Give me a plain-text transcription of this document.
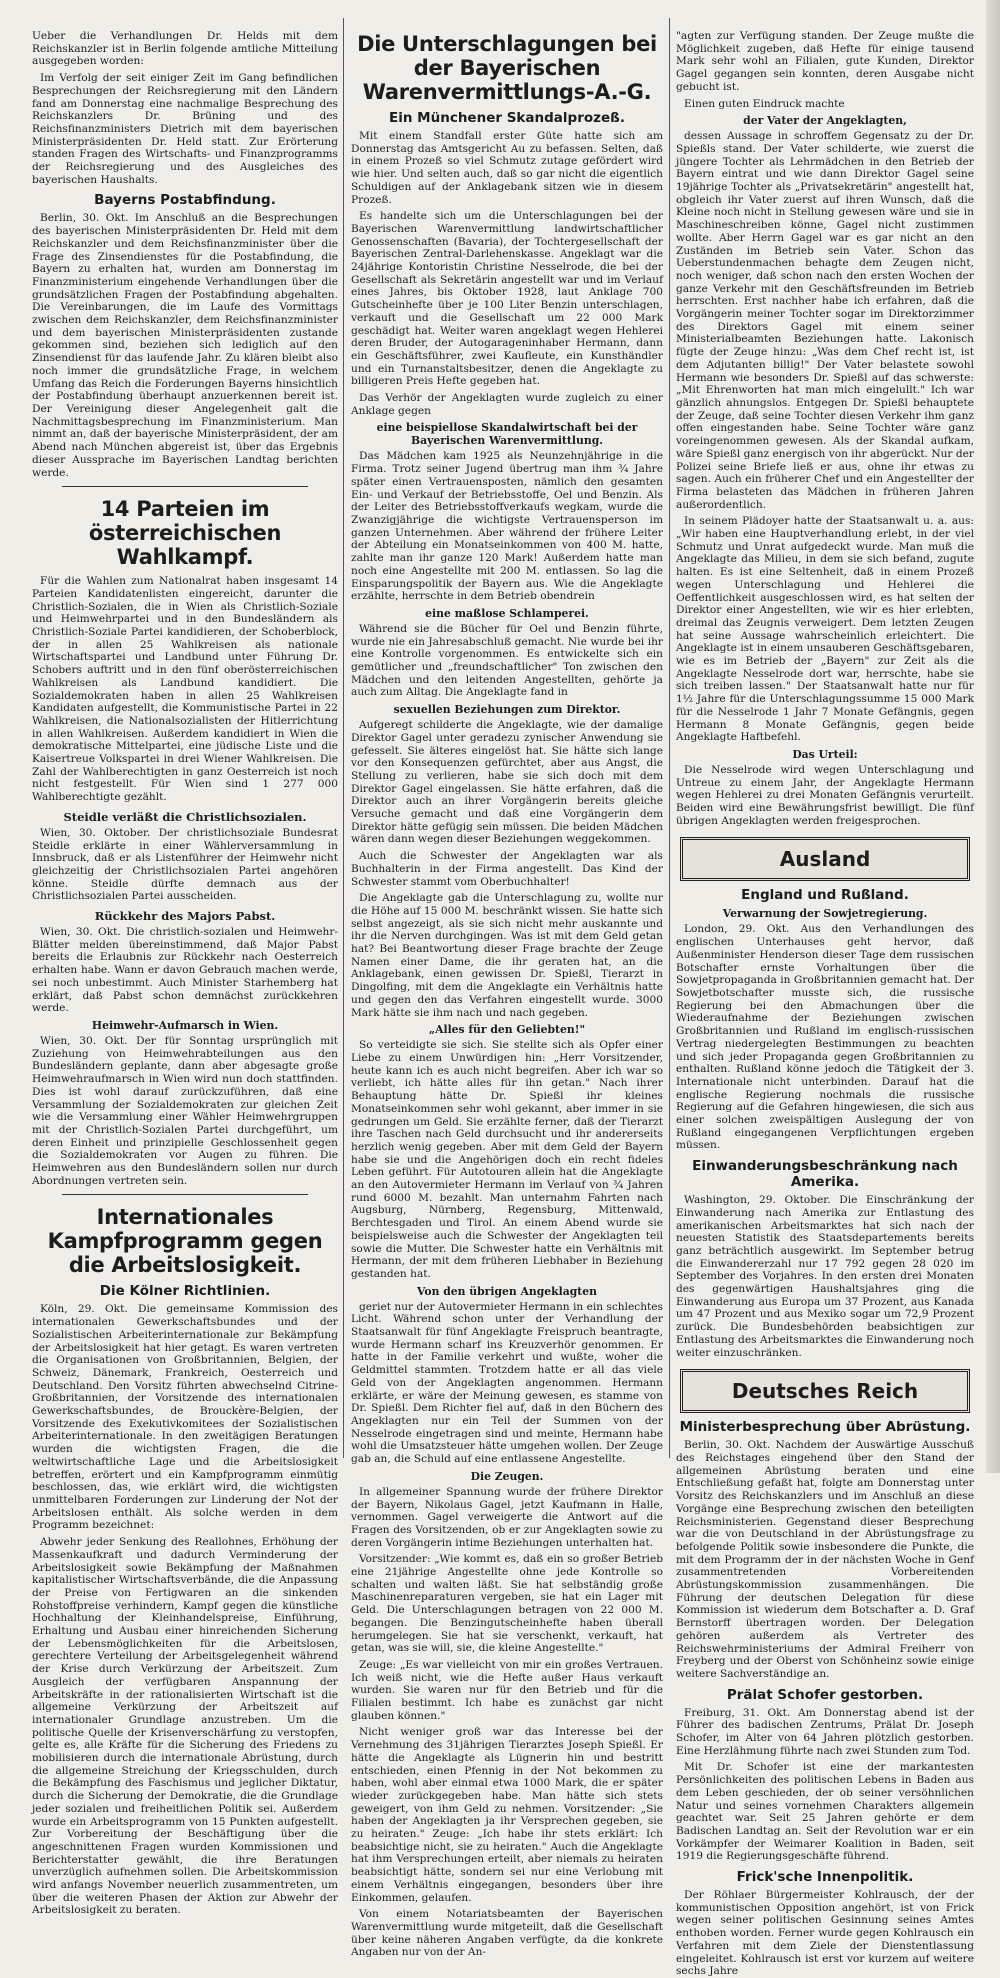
Ueber die Verhandlungen Dr. Helds mit dem Reichskanzler ist in Berlin folgende amtliche Mitteilung ausgegeben worden:

Im Verfolg der seit einiger Zeit im Gang befindlichen Besprechungen der Reichsregierung mit den Ländern fand am Donnerstag eine nachmalige Besprechung des Reichskanzlers Dr. Brüning und des Reichsfinanzministers Dietrich mit dem bayerischen Ministerpräsidenten Dr. Held statt. Zur Erörterung standen Fragen des Wirtschafts- und Finanzprogramms der Reichsregierung und des Ausgleiches des bayerischen Haushalts.

Bayerns Postabfindung.

Berlin, 30. Okt. Im Anschluß an die Besprechungen des bayerischen Ministerpräsidenten Dr. Held mit dem Reichskanzler und dem Reichsfinanzminister über die Frage des Zinsendienstes für die Postabfindung, die Bayern zu erhalten hat, wurden am Donnerstag im Finanzministerium eingehende Verhandlungen über die grundsätzlichen Fragen der Postabfindung abgehalten. Die Vereinbarungen, die im Laufe des Vormittags zwischen dem Reichskanzler, dem Reichsfinanzminister und dem bayerischen Ministerpräsidenten zustande gekommen sind, beziehen sich lediglich auf den Zinsendienst für das laufende Jahr. Zu klären bleibt also noch immer die grundsätzliche Frage, in welchem Umfang das Reich die Forderungen Bayerns hinsichtlich der Postabfindung überhaupt anzuerkennen bereit ist. Der Vereinigung dieser Angelegenheit galt die Nachmittagsbesprechung im Finanzministerium. Man nimmt an, daß der bayerische Ministerpräsident, der am Abend nach München abgereist ist, über das Ergebnis dieser Aussprache im Bayerischen Landtag berichten werde.

14 Parteien im österreichischen Wahlkampf.

Für die Wahlen zum Nationalrat haben insgesamt 14 Parteien Kandidatenlisten eingereicht, darunter die Christlich-Sozialen, die in Wien als Christlich-Soziale und Heimwehrpartei und in den Bundesländern als Christlich-Soziale Partei kandidieren, der Schoberblock, der in allen 25 Wahlkreisen als nationale Wirtschaftspartei und Landbund unter Führung Dr. Schobers auftritt und in den fünf oberösterreichischen Wahlkreisen als Landbund kandidiert. Die Sozialdemokraten haben in allen 25 Wahlkreisen Kandidaten aufgestellt, die Kommunistische Partei in 22 Wahlkreisen, die Nationalsozialisten der Hitlerrichtung in allen Wahlkreisen. Außerdem kandidiert in Wien die demokratische Mittelpartei, eine jüdische Liste und die Kaisertreue Volkspartei in drei Wiener Wahlkreisen. Die Zahl der Wahlberechtigten in ganz Oesterreich ist noch nicht festgestellt. Für Wien sind 1 277 000 Wahlberechtigte gezählt.

Steidle verläßt die Christlichsozialen.

Wien, 30. Oktober. Der christlichsoziale Bundesrat Steidle erklärte in einer Wählerversammlung in Innsbruck, daß er als Listenführer der Heimwehr nicht gleichzeitig der Christlichsozialen Partei angehören könne. Steidle dürfte demnach aus der Christlichsozialen Partei ausscheiden.

Rückkehr des Majors Pabst.

Wien, 30. Okt. Die christlich-sozialen und Heimwehr-Blätter melden übereinstimmend, daß Major Pabst bereits die Erlaubnis zur Rückkehr nach Oesterreich erhalten habe. Wann er davon Gebrauch machen werde, sei noch unbestimmt. Auch Minister Starhemberg hat erklärt, daß Pabst schon demnächst zurückkehren werde.

Heimwehr-Aufmarsch in Wien.

Wien, 30. Okt. Der für Sonntag ursprünglich mit Zuziehung von Heimwehrabteilungen aus den Bundesländern geplante, dann aber abgesagte große Heimwehraufmarsch in Wien wird nun doch stattfinden. Dies ist wohl darauf zurückzuführen, daß eine Versammlung der Sozialdemokraten zur gleichen Zeit wie die Versammlung einer Wähler Heimwehrgruppen mit der Christlich-Sozialen Partei durchgeführt, um deren Einheit und prinzipielle Geschlossenheit gegen die Sozialdemokraten vor Augen zu führen. Die Heimwehren aus den Bundesländern sollen nur durch Abordnungen vertreten sein.

Internationales Kampfprogramm gegen die Arbeitslosigkeit.
Die Kölner Richtlinien.

Köln, 29. Okt. Die gemeinsame Kommission des internationalen Gewerkschaftsbundes und der Sozialistischen Arbeiterinternationale zur Bekämpfung der Arbeitslosigkeit hat hier getagt. Es waren vertreten die Organisationen von Großbritannien, Belgien, der Schweiz, Dänemark, Frankreich, Oesterreich und Deutschland. Den Vorsitz führten abwechselnd Citrine-Großbritannien, der Vorsitzende des internationalen Gewerkschaftsbundes, de Brouckère-Belgien, der Vorsitzende des Exekutivkomitees der Sozialistischen Arbeiterinternationale. In den zweitägigen Beratungen wurden die wichtigsten Fragen, die die weltwirtschaftliche Lage und die Arbeitslosigkeit betreffen, erörtert und ein Kampfprogramm einmütig beschlossen, das, wie erklärt wird, die wichtigsten unmittelbaren Forderungen zur Linderung der Not der Arbeitslosen enthält. Als solche werden in dem Programm bezeichnet:

Abwehr jeder Senkung des Reallohnes, Erhöhung der Massenkaufkraft und dadurch Verminderung der Arbeitslosigkeit sowie Bekämpfung der Maßnahmen kapitalistischer Wirtschaftsverbände, die die Anpassung der Preise von Fertigwaren an die sinkenden Rohstoffpreise verhindern, Kampf gegen die künstliche Hochhaltung der Kleinhandelspreise, Einführung, Erhaltung und Ausbau einer hinreichenden Sicherung der Lebensmöglichkeiten für die Arbeitslosen, gerechtere Verteilung der Arbeitsgelegenheit während der Krise durch Verkürzung der Arbeitszeit. Zum Ausgleich der verfügbaren Anspannung der Arbeitskräfte in der rationalisierten Wirtschaft ist die allgemeine Verkürzung der Arbeitszeit auf internationaler Grundlage anzustreben. Um die politische Quelle der Krisenverschärfung zu verstopfen, gelte es, alle Kräfte für die Sicherung des Friedens zu mobilisieren durch die internationale Abrüstung, durch die allgemeine Streichung der Kriegsschulden, durch die Bekämpfung des Faschismus und jeglicher Diktatur, durch die Sicherung der Demokratie, die die Grundlage jeder sozialen und freiheitlichen Politik sei. Außerdem wurde ein Arbeitsprogramm von 15 Punkten aufgestellt. Zur Vorbereitung der Beschäftigung über die angeschnittenen Fragen wurden Kommissionen und Berichterstatter gewählt, die ihre Beratungen unverzüglich aufnehmen sollen. Die Arbeitskommission wird anfangs November neuerlich zusammentreten, um über die weiteren Phasen der Aktion zur Abwehr der Arbeitslosigkeit zu beraten.

Die Unterschlagungen bei der Bayerischen Warenvermittlungs-A.-G.
Ein Münchener Skandalprozeß.

Mit einem Standfall erster Güte hatte sich am Donnerstag das Amtsgericht Au zu befassen. Selten, daß in einem Prozeß so viel Schmutz zutage gefördert wird wie hier. Und selten auch, daß so gar nicht die eigentlich Schuldigen auf der Anklagebank sitzen wie in diesem Prozeß.

Es handelte sich um die Unterschlagungen bei der Bayerischen Warenvermittlung landwirtschaftlicher Genossenschaften (Bavaria), der Tochtergesellschaft der Bayerischen Zentral-Darlehenskasse. Angeklagt war die 24jährige Kontoristin Christine Nesselrode, die bei der Gesellschaft als Sekretärin angestellt war und im Verlauf eines Jahres, bis Oktober 1928, laut Anklage 700 Gutscheinhefte über je 100 Liter Benzin unterschlagen, verkauft und die Gesellschaft um 22 000 Mark geschädigt hat. Weiter waren angeklagt wegen Hehlerei deren Bruder, der Autogarageninhaber Hermann, dann ein Geschäftsführer, zwei Kaufleute, ein Kunsthändler und ein Turnanstaltsbesitzer, denen die Angeklagte zu billigeren Preis Hefte gegeben hat.

Das Verhör der Angeklagten wurde zugleich zu einer Anklage gegen

eine beispiellose Skandalwirtschaft bei der Bayerischen Warenvermittlung.

Das Mädchen kam 1925 als Neunzehnjährige in die Firma. Trotz seiner Jugend übertrug man ihm ¾ Jahre später einen Vertrauensposten, nämlich den gesamten Ein- und Verkauf der Betriebsstoffe, Oel und Benzin. Als der Leiter des Betriebsstoffverkaufs wegkam, wurde die Zwanzigjährige die wichtigste Vertrauensperson im ganzen Unternehmen. Aber während der frühere Leiter der Abteilung ein Monatseinkommen von 400 M. hatte, zahlte man ihr ganze 120 Mark! Außerdem hatte man noch eine Angestellte mit 200 M. entlassen. So lag die Einsparungspolitik der Bayern aus. Wie die Angeklagte erzählte, herrschte in dem Betrieb obendrein

eine maßlose Schlamperei.

Während sie die Bücher für Oel und Benzin führte, wurde nie ein Jahresabschluß gemacht. Nie wurde bei ihr eine Kontrolle vorgenommen. Es entwickelte sich ein gemütlicher und „freundschaftlicher" Ton zwischen den Mädchen und den leitenden Angestellten, gehörte ja auch zum Alltag. Die Angeklagte fand in

sexuellen Beziehungen zum Direktor.

Aufgeregt schilderte die Angeklagte, wie der damalige Direktor Gagel unter geradezu zynischer Anwendung sie gefesselt. Sie älteres eingelöst hat. Sie hätte sich lange vor den Konsequenzen gefürchtet, aber aus Angst, die Stellung zu verlieren, habe sie sich doch mit dem Direktor Gagel eingelassen. Sie hätte erfahren, daß die Direktor auch an ihrer Vorgängerin bereits gleiche Versuche gemacht und daß eine Vorgängerin dem Direktor hätte gefügig sein müssen. Die beiden Mädchen wären dann wegen dieser Beziehungen weggekommen.

Auch die Schwester der Angeklagten war als Buchhalterin in der Firma angestellt. Das Kind der Schwester stammt vom Oberbuchhalter!

Die Angeklagte gab die Unterschlagung zu, wollte nur die Höhe auf 15 000 M. beschränkt wissen. Sie hatte sich selbst angezeigt, als sie sich nicht mehr auskannte und ihr die Nerven durchgingen. Was ist mit dem Geld getan hat? Bei Beantwortung dieser Frage brachte der Zeuge Namen einer Dame, die ihr geraten hat, an die Anklagebank, einen gewissen Dr. Spießl, Tierarzt in Dingolfing, mit dem die Angeklagte ein Verhältnis hatte und gegen den das Verfahren eingestellt wurde. 3000 Mark hätte sie ihm nach und nach gegeben.

„Alles für den Geliebten!"

So verteidigte sie sich. Sie stellte sich als Opfer einer Liebe zu einem Unwürdigen hin: „Herr Vorsitzender, heute kann ich es auch nicht begreifen. Aber ich war so verliebt, ich hätte alles für ihn getan." Nach ihrer Behauptung hätte Dr. Spießl ihr kleines Monatseinkommen sehr wohl gekannt, aber immer in sie gedrungen um Geld. Sie erzählte ferner, daß der Tierarzt ihre Taschen nach Geld durchsucht und ihr andererseits herzlich wenig gegeben. Aber mit dem Geld der Bayern habe sie und die Angehörigen doch ein recht fideles Leben geführt. Für Autotouren allein hat die Angeklagte an den Autovermieter Hermann im Verlauf von ¾ Jahren rund 6000 M. bezahlt. Man unternahm Fahrten nach Augsburg, Nürnberg, Regensburg, Mittenwald, Berchtesgaden und Tirol. An einem Abend wurde sie beispielsweise auch die Schwester der Angeklagten teil sowie die Mutter. Die Schwester hatte ein Verhältnis mit Hermann, der mit dem früheren Liebhaber in Beziehung gestanden hat.

Von den übrigen Angeklagten

geriet nur der Autovermieter Hermann in ein schlechtes Licht. Während schon unter der Verhandlung der Staatsanwalt für fünf Angeklagte Freispruch beantragte, wurde Hermann scharf ins Kreuzverhör genommen. Er hatte in der Familie verkehrt und wußte, woher die Geldmittel stammten. Trotzdem hatte er all das viele Geld von der Angeklagten angenommen. Hermann erklärte, er wäre der Meinung gewesen, es stamme von Dr. Spießl. Dem Richter fiel auf, daß in den Büchern des Angeklagten nur ein Teil der Summen von der Nesselrode eingetragen sind und meinte, Hermann habe wohl die Umsatzsteuer hätte umgehen wollen. Der Zeuge gab an, die Schuld auf eine entlassene Angestellte.

Die Zeugen.

In allgemeiner Spannung wurde der frühere Direktor der Bayern, Nikolaus Gagel, jetzt Kaufmann in Halle, vernommen. Gagel verweigerte die Antwort auf die Fragen des Vorsitzenden, ob er zur Angeklagten sowie zu deren Vorgängerin intime Beziehungen unterhalten hat.

Vorsitzender: „Wie kommt es, daß ein so großer Betrieb eine 21jährige Angestellte ohne jede Kontrolle so schalten und walten läßt. Sie hat selbständig große Maschinenreparaturen vergeben, sie hat ein Lager mit Geld. Die Unterschlagungen betragen von 22 000 M. begangen. Die Benzingutscheinhefte haben überall herumgelegen. Sie hat sie verschenkt, verkauft, hat getan, was sie will, sie, die kleine Angestellte."

Zeuge: „Es war vielleicht von mir ein großes Vertrauen. Ich weiß nicht, wie die Hefte außer Haus verkauft wurden. Sie waren nur für den Betrieb und für die Filialen bestimmt. Ich habe es zunächst gar nicht glauben können."

Nicht weniger groß war das Interesse bei der Vernehmung des 31jährigen Tierarztes Joseph Spießl. Er hätte die Angeklagte als Lügnerin hin und bestritt entschieden, einen Pfennig in der Not bekommen zu haben, wohl aber einmal etwa 1000 Mark, die er später wieder zurückgegeben habe. Man hätte sich stets geweigert, von ihm Geld zu nehmen. Vorsitzender: „Sie haben der Angeklagten ja ihr Versprechen gegeben, sie zu heiraten." Zeuge: „Ich habe ihr stets erklärt: Ich beabsichtige nicht, sie zu heiraten." Auch die Angeklagte hat ihm Versprechungen erteilt, aber niemals zu heiraten beabsichtigt hätte, sondern sei nur eine Verlobung mit einem Verhältnis eingegangen, besonders über ihre Einkommen, gelaufen.

Von einem Notariatsbeamten der Bayerischen Warenvermittlung wurde mitgeteilt, daß die Gesellschaft über keine näheren Angaben verfügte, da die konkrete Angaben nur von der An-

"agten zur Verfügung standen. Der Zeuge mußte die Möglichkeit zugeben, daß Hefte für einige tausend Mark sehr wohl an Filialen, gute Kunden, Direktor Gagel gegangen sein konnten, deren Ausgabe nicht gebucht ist.

Einen guten Eindruck machte

der Vater der Angeklagten,

dessen Aussage in schroffem Gegensatz zu der Dr. Spießls stand. Der Vater schilderte, wie zuerst die jüngere Tochter als Lehrmädchen in den Betrieb der Bayern eintrat und wie dann Direktor Gagel seine 19jährige Tochter als „Privatsekretärin" angestellt hat, obgleich ihr Vater zuerst auf ihren Wunsch, daß die Kleine noch nicht in Stellung gewesen wäre und sie in Maschineschreiben könne, Gagel nicht zustimmen wollte. Aber Herrn Gagel war es gar nicht an den Zuständen im Betrieb sein Vater. Schon das Ueberstundenmachen behagte dem Zeugen nicht, noch weniger, daß schon nach den ersten Wochen der ganze Verkehr mit den Geschäftsfreunden im Betrieb herrschten. Erst nachher habe ich erfahren, daß die Vorgängerin meiner Tochter sogar im Direktorzimmer des Direktors Gagel mit einem seiner Ministerialbeamten Beziehungen hatte. Lakonisch fügte der Zeuge hinzu: „Was dem Chef recht ist, ist dem Adjutanten billig!" Der Vater belastete sowohl Hermann wie besonders Dr. Spießl auf das schwerste: „Mit Ehrenworten hat man mich eingelullt." Ich war gänzlich ahnungslos. Entgegen Dr. Spießl behauptete der Zeuge, daß seine Tochter diesen Verkehr ihm ganz offen eingestanden habe. Seine Tochter wäre ganz voreingenommen gewesen. Als der Skandal aufkam, wäre Spießl ganz energisch von ihr abgerückt. Nur der Polizei seine Briefe ließ er aus, ohne ihr etwas zu sagen. Auch ein früherer Chef und ein Angestellter der Firma belasteten das Mädchen in früheren Jahren außerordentlich.

In seinem Plädoyer hatte der Staatsanwalt u. a. aus: „Wir haben eine Hauptverhandlung erlebt, in der viel Schmutz und Unrat aufgedeckt wurde. Man muß die Angeklagte das Milieu, in dem sie sich befand, zugute halten. Es ist eine Seltenheit, daß in einem Prozeß wegen Unterschlagung und Hehlerei die Oeffentlichkeit ausgeschlossen wird, es hat selten der Direktor einer Angestellten, wie wir es hier erlebten, dreimal das Zeugnis verweigert. Dem letzten Zeugen hat seine Aussage wahrscheinlich erleichtert. Die Angeklagte ist in einem unsauberen Geschäftsgebaren, wie es im Betrieb der „Bayern" zur Zeit als die Angeklagte Nesselrode dort war, herrschte, habe sie sich treiben lassen." Der Staatsanwalt hatte nur für 1½ Jahre für die Unterschlagungssumme 15 000 Mark für die Nesselrode 1 Jahr 7 Monate Gefängnis, gegen Hermann 8 Monate Gefängnis, gegen beide Angeklagte Haftbefehl.

Das Urteil:

Die Nesselrode wird wegen Unterschlagung und Untreue zu einem Jahr, der Angeklagte Hermann wegen Hehlerei zu drei Monaten Gefängnis verurteilt. Beiden wird eine Bewährungsfrist bewilligt. Die fünf übrigen Angeklagten werden freigesprochen.

Ausland
England und Rußland.
Verwarnung der Sowjetregierung.

London, 29. Okt. Aus den Verhandlungen des englischen Unterhauses geht hervor, daß Außenminister Henderson dieser Tage dem russischen Botschafter ernste Vorhaltungen über die Sowjetpropaganda in Großbritannien gemacht hat. Der Sowjetbotschafter musste sich, die russische Regierung bei den Abmachungen über die Wiederaufnahme der Beziehungen zwischen Großbritannien und Rußland im englisch-russischen Vertrag niedergelegten Bestimmungen zu beachten und sich jeder Propaganda gegen Großbritannien zu enthalten. Rußland könne jedoch die Tätigkeit der 3. Internationale nicht unterbinden. Darauf hat die englische Regierung nochmals die russische Regierung auf die Gefahren hingewiesen, die sich aus einer solchen zweispältigen Auslegung der von Rußland eingegangenen Verpflichtungen ergeben müssen.

Einwanderungsbeschränkung nach Amerika.

Washington, 29. Oktober. Die Einschränkung der Einwanderung nach Amerika zur Entlastung des amerikanischen Arbeitsmarktes hat sich nach der neuesten Statistik des Staatsdepartements bereits ganz beträchtlich ausgewirkt. Im September betrug die Einwandererzahl nur 17 792 gegen 28 020 im September des Vorjahres. In den ersten drei Monaten des gegenwärtigen Haushaltsjahres ging die Einwanderung aus Europa um 37 Prozent, aus Kanada um 47 Prozent und aus Mexiko sogar um 72,9 Prozent zurück. Die Bundesbehörden beabsichtigen zur Entlastung des Arbeitsmarktes die Einwanderung noch weiter einzuschränken.

Deutsches Reich
Ministerbesprechung über Abrüstung.

Berlin, 30. Okt. Nachdem der Auswärtige Ausschuß des Reichstages eingehend über den Stand der allgemeinen Abrüstung beraten und eine Entschließung gefaßt hat, folgte am Donnerstag unter Vorsitz des Reichskanzlers und im Anschluß an diese Vorgänge eine Besprechung zwischen den beteiligten Reichsministerien. Gegenstand dieser Besprechung war die von Deutschland in der Abrüstungsfrage zu befolgende Politik sowie insbesondere die Punkte, die mit dem Programm der in der nächsten Woche in Genf zusammentretenden Vorbereitenden Abrüstungskommission zusammenhängen. Die Führung der deutschen Delegation für diese Kommission ist wiederum dem Botschafter a. D. Graf Bernstorff übertragen worden. Der Delegation gehören außerdem als Vertreter des Reichswehrministeriums der Admiral Freiherr von Freyberg und der Oberst von Schönheinz sowie einige weitere Sachverständige an.

Prälat Schofer gestorben.

Freiburg, 31. Okt. Am Donnerstag abend ist der Führer des badischen Zentrums, Prälat Dr. Joseph Schofer, im Alter von 64 Jahren plötzlich gestorben. Eine Herzlähmung führte nach zwei Stunden zum Tod.

Mit Dr. Schofer ist eine der markantesten Persönlichkeiten des politischen Lebens in Baden aus dem Leben geschieden, der ob seiner versöhnlichen Natur und seines vornehmen Charakters allgemein geachtet war. Seit 25 Jahren gehörte er dem Badischen Landtag an. Seit der Revolution war er ein Vorkämpfer der Weimarer Koalition in Baden, seit 1919 die Regierungsgeschäfte führend.

Frick'sche Innenpolitik.

Der Röhlaer Bürgermeister Kohlrausch, der der kommunistischen Opposition angehört, ist von Frick wegen seiner politischen Gesinnung seines Amtes enthoben worden. Ferner wurde gegen Kohlrausch ein Verfahren mit dem Ziele der Dienstentlassung eingeleitet. Kohlrausch ist erst vor kurzem auf weitere sechs Jahre
